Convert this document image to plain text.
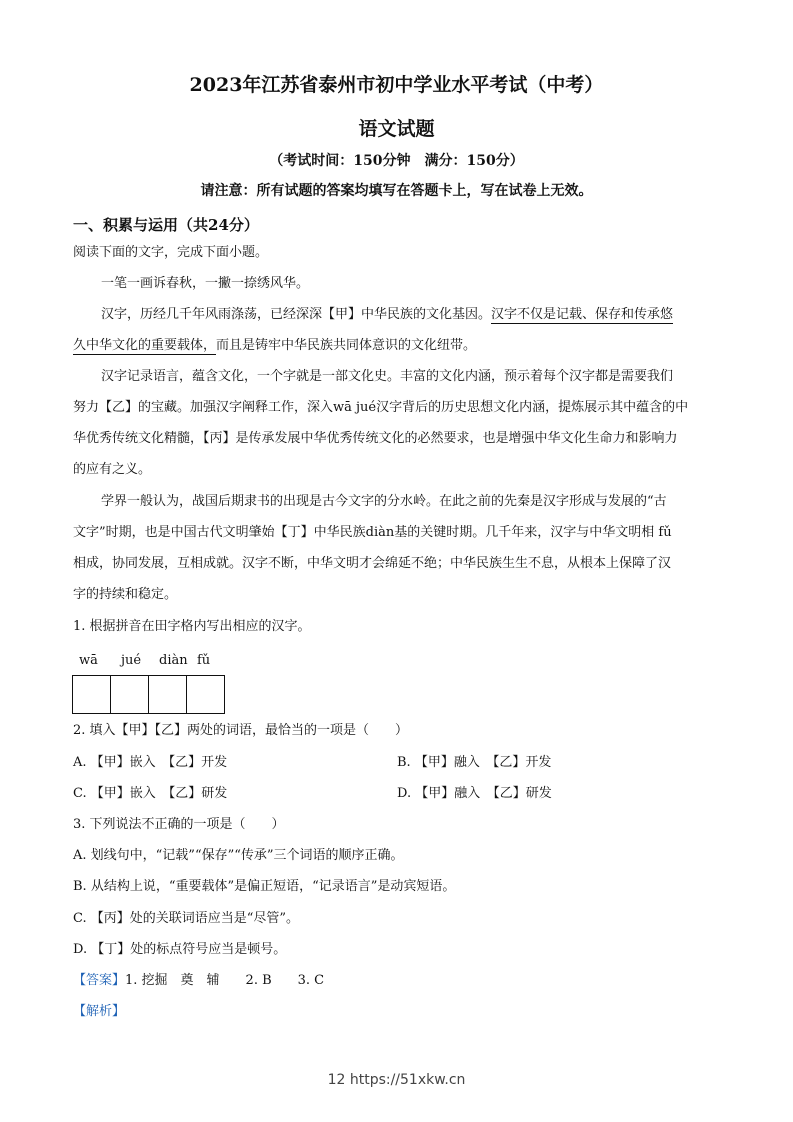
2023年江苏省泰州市初中学业水平考试（中考）
语文试题
（考试时间：150分钟　满分：150分）
请注意：所有试题的答案均填写在答题卡上，写在试卷上无效。
一、积累与运用（共24分）
阅读下面的文字，完成下面小题。
一笔一画诉春秋，一撇一捺绣风华。
汉字，历经几千年风雨涤荡，已经深深【甲】中华民族的文化基因。汉字不仅是记载、保存和传承悠
久中华文化的重要载体，而且是铸牢中华民族共同体意识的文化纽带。
汉字记录语言，蕴含文化，一个字就是一部文化史。丰富的文化内涵，预示着每个汉字都是需要我们
努力【乙】的宝藏。加强汉字阐释工作，深入wā jué汉字背后的历史思想文化内涵，提炼展示其中蕴含的中
华优秀传统文化精髓，【丙】是传承发展中华优秀传统文化的必然要求，也是增强中华文化生命力和影响力
的应有之义。
学界一般认为，战国后期隶书的出现是古今文字的分水岭。在此之前的先秦是汉字形成与发展的“古
文字”时期，也是中国古代文明肇始【丁】中华民族diàn基的关键时期。几千年来，汉字与中华文明相 fǔ
相成，协同发展，互相成就。汉字不断，中华文明才会绵延不绝；中华民族生生不息，从根本上保障了汉
字的持续和稳定。
1. 根据拼音在田字格内写出相应的汉字。
wā jué diàn fǔ
2. 填入【甲】【乙】两处的词语，最恰当的一项是（　　）
A. 【甲】嵌入　【乙】开发	B. 【甲】融入　【乙】开发
C. 【甲】嵌入　【乙】研发	D. 【甲】融入　【乙】研发
3. 下列说法不正确的一项是（　　）
A. 划线句中，“记载”“保存”“传承”三个词语的顺序正确。
B. 从结构上说，“重要载体”是偏正短语，“记录语言”是动宾短语。
C. 【丙】处的关联词语应当是“尽管”。
D. 【丁】处的标点符号应当是顿号。
【答案】1. 挖掘　奠　辅　　2. B　　3. C
【解析】
12 https://51xkw.cn
